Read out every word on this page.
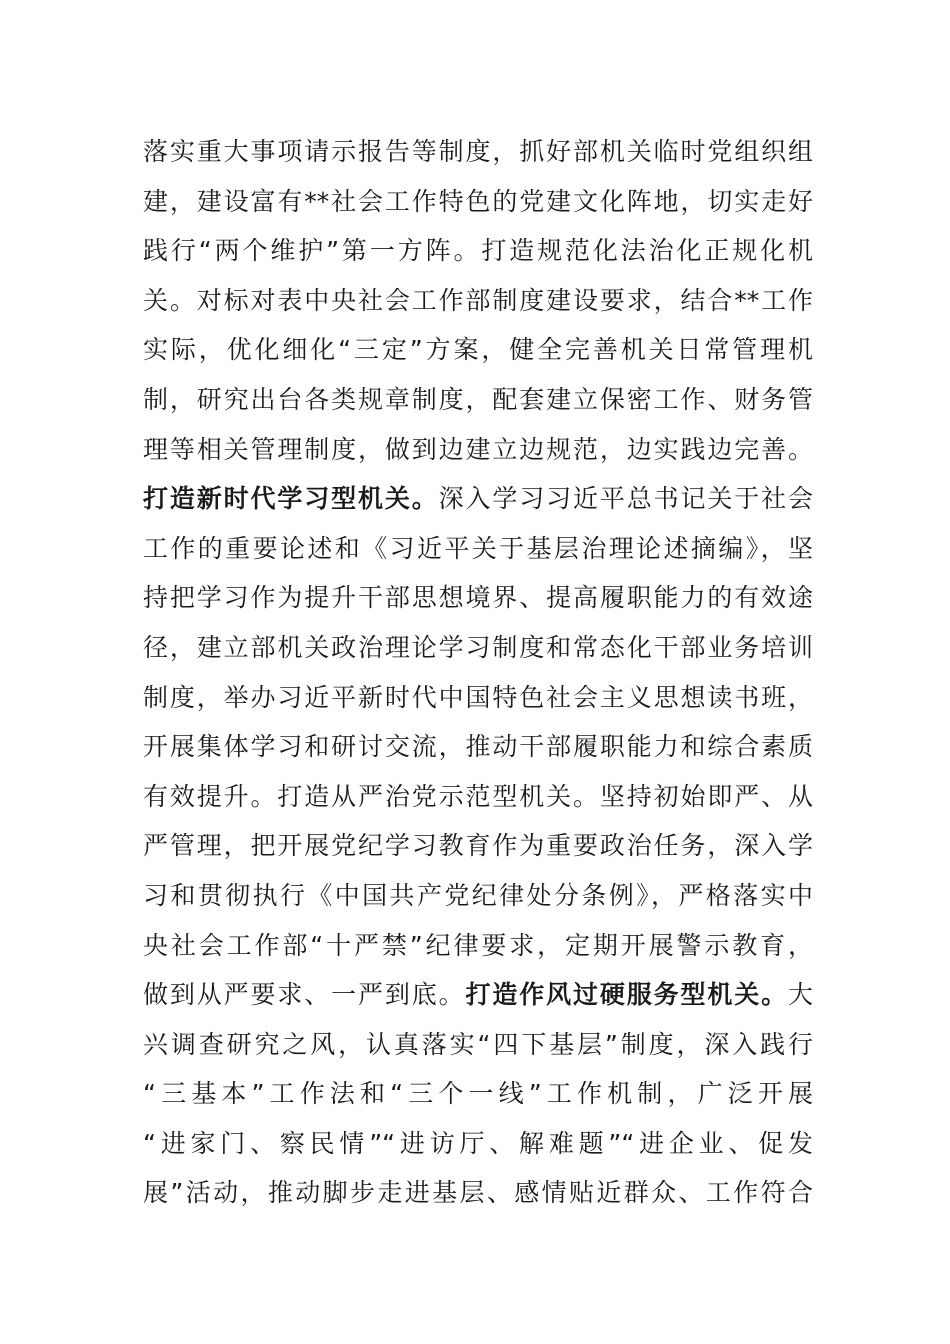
落实重大事项请示报告等制度，抓好部机关临时党组织组
建，建设富有**社会工作特色的党建文化阵地，切实走好
践行“两个维护”第一方阵。打造规范化法治化正规化机
关。对标对表中央社会工作部制度建设要求，结合**工作
实际，优化细化“三定”方案，健全完善机关日常管理机
制，研究出台各类规章制度，配套建立保密工作、财务管
理等相关管理制度，做到边建立边规范，边实践边完善。
打造新时代学习型机关。深入学习习近平总书记关于社会
工作的重要论述和《习近平关于基层治理论述摘编》，坚
持把学习作为提升干部思想境界、提高履职能力的有效途
径，建立部机关政治理论学习制度和常态化干部业务培训
制度，举办习近平新时代中国特色社会主义思想读书班，
开展集体学习和研讨交流，推动干部履职能力和综合素质
有效提升。打造从严治党示范型机关。坚持初始即严、从
严管理，把开展党纪学习教育作为重要政治任务，深入学
习和贯彻执行《中国共产党纪律处分条例》，严格落实中
央社会工作部“十严禁”纪律要求，定期开展警示教育，
做到从严要求、一严到底。打造作风过硬服务型机关。大
兴调查研究之风，认真落实“四下基层”制度，深入践行
“三基本”工作法和“三个一线”工作机制，广泛开展
“进家门、察民情”“进访厅、解难题”“进企业、促发
展”活动，推动脚步走进基层、感情贴近群众、工作符合
